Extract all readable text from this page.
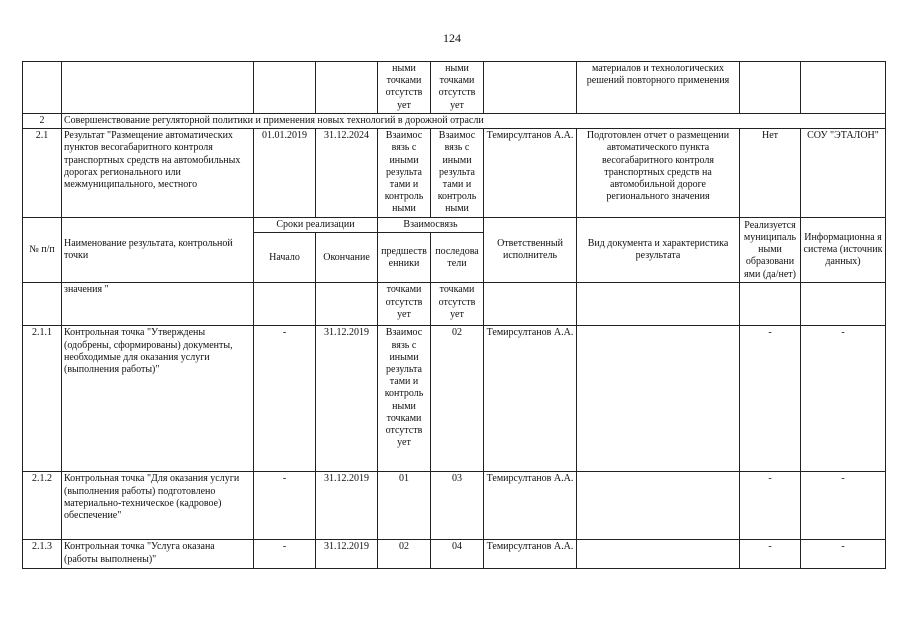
124
				ными точками отсутств ует	ными точками отсутств ует		материалов и технологических решений повторного применения		
2	Совершенствование регуляторной политики и применения новых технологий в дорожной отрасли								
2.1	Результат "Размещение автоматических пунктов весогабаритного контроля транспортных средств на автомобильных дорогах регионального или межмуниципального, местного	01.01.2019	31.12.2024	Взаимос вязь с иными результа тами и контроль ными	Взаимос вязь с иными результа тами и контроль ными	Темирсултанов А.А.	Подготовлен отчет о размещении автоматического пункта весогабаритного контроля транспортных средств на автомобильной дороге регионального значения	Нет	СОУ "ЭТАЛОН"
№ п/п	Наименование результата, контрольной точки	Сроки реализации		Взаимосвязь		Ответственный исполнитель	Вид документа и характеристика результата	Реализуется муниципаль ными образовани ями (да/нет)	Информационна я система (источник данных)
		Начало	Окончание	предшеств енники	последова тели				
	значения "			точками отсутств ует	точками отсутств ует				
2.1.1	Контрольная точка "Утверждены (одобрены, сформированы) документы, необходимые для оказания услуги (выполнения работы)"	-	31.12.2019	Взаимос вязь с иными результа тами и контроль ными точками отсутств ует	02	Темирсултанов А.А.		-	-
2.1.2	Контрольная точка "Для оказания услуги (выполнения работы) подготовлено материально-техническое (кадровое) обеспечение"	-	31.12.2019	01	03	Темирсултанов А.А.		-	-
2.1.3	Контрольная точка "Услуга оказана (работы выполнены)"	-	31.12.2019	02	04	Темирсултанов А.А.		-	-
